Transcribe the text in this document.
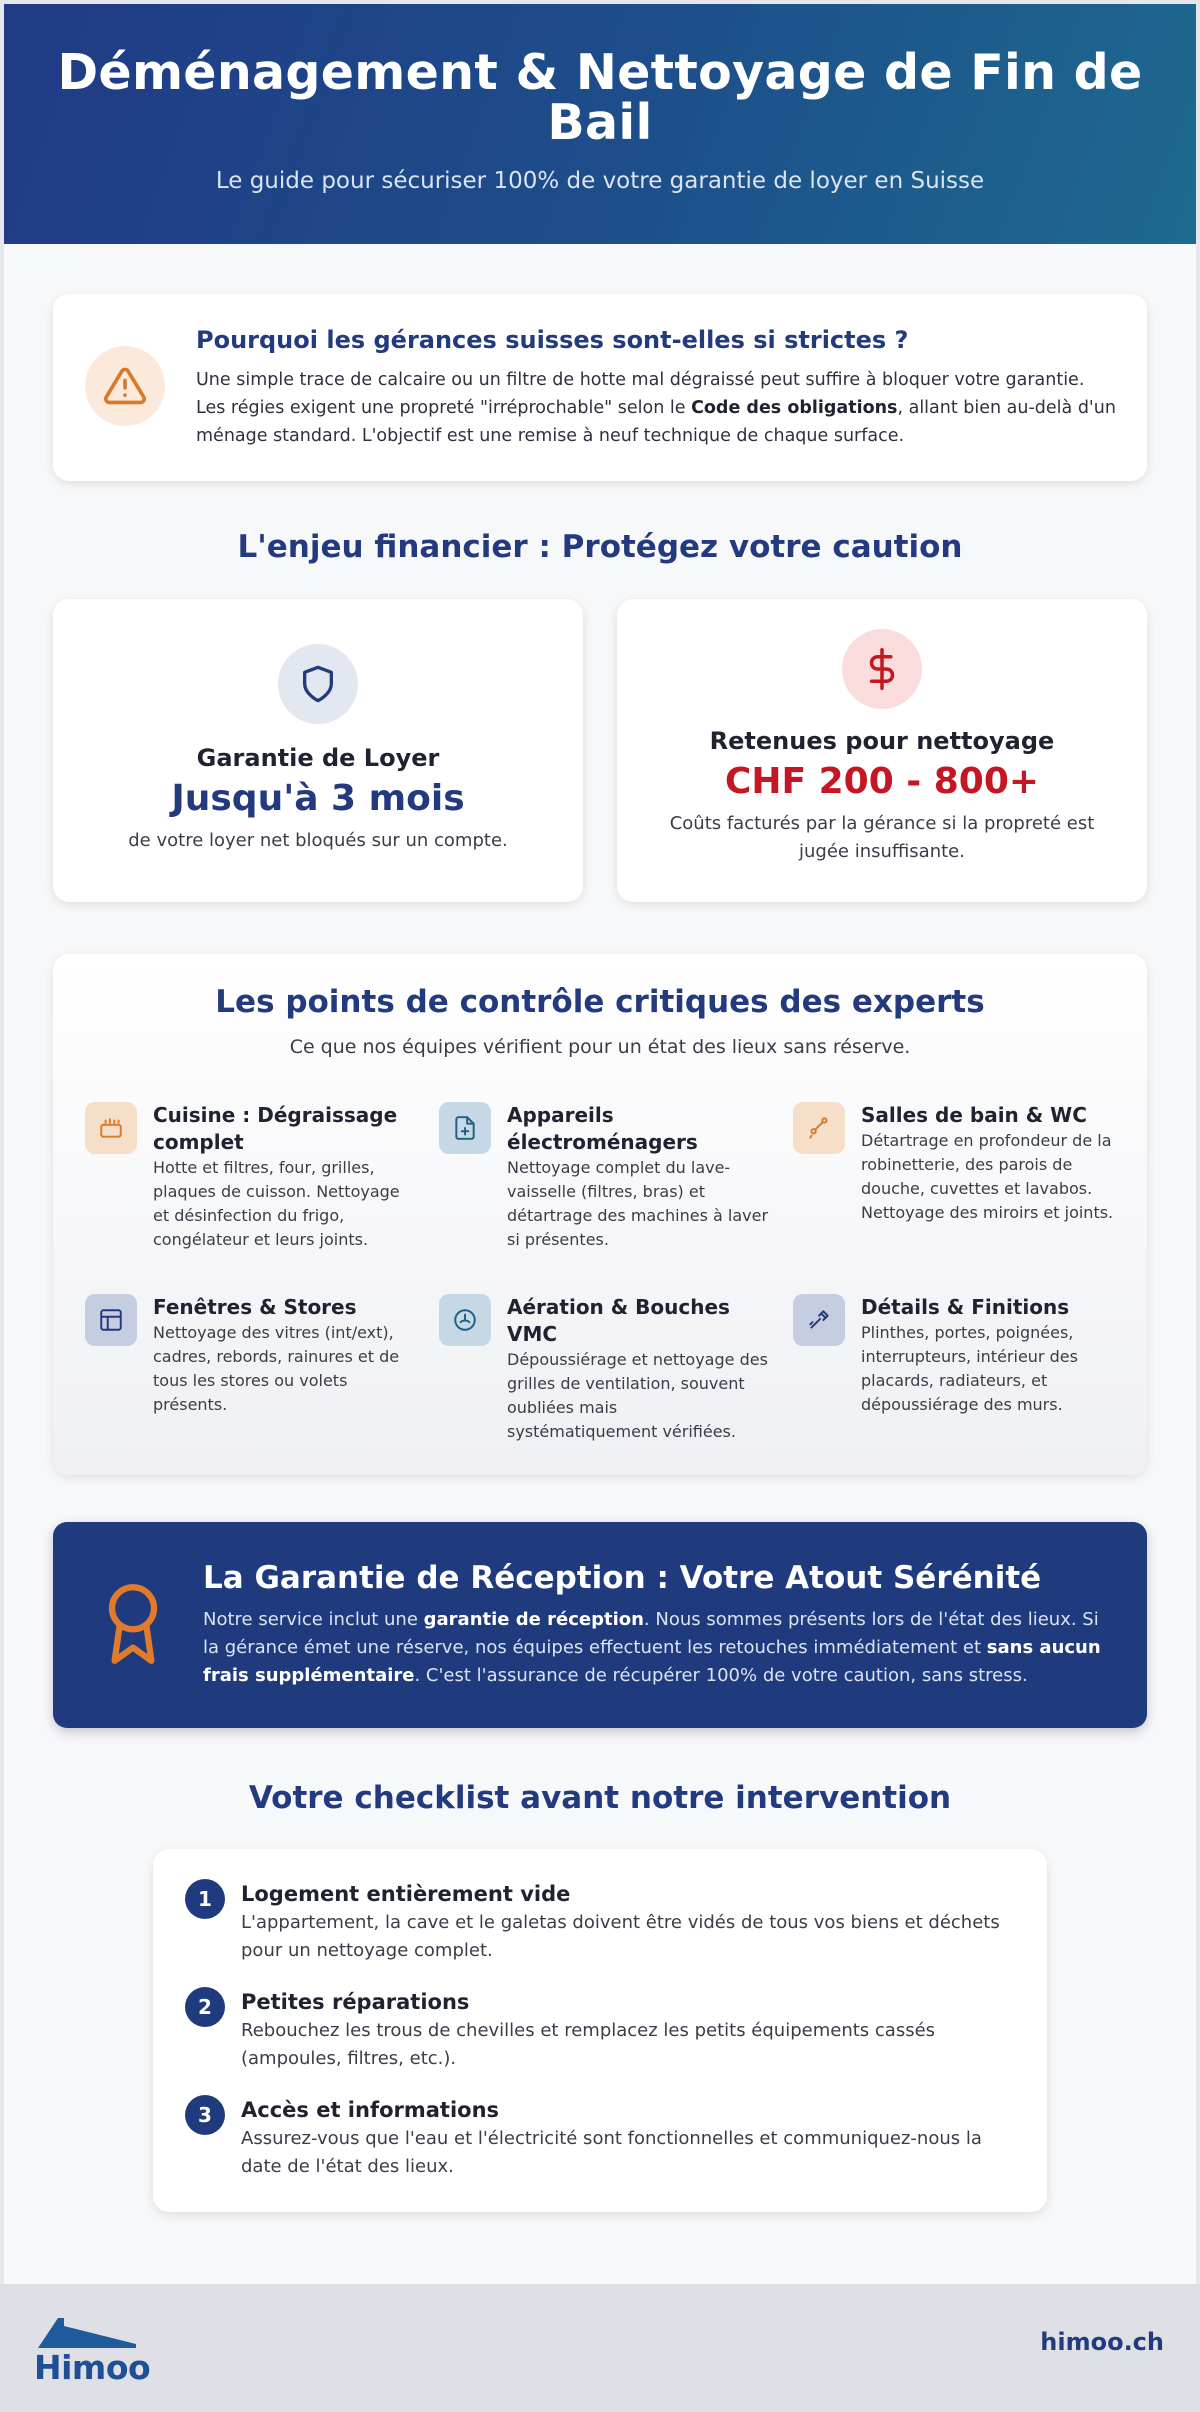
Déménagement & Nettoyage de Fin de Bail
Le guide pour sécuriser 100% de votre garantie de loyer en Suisse
Pourquoi les gérances suisses sont-elles si strictes ?

Une simple trace de calcaire ou un filtre de hotte mal dégraissé peut suffire à bloquer votre garantie. Les régies exigent une propreté "irréprochable" selon le Code des obligations, allant bien au-delà d'un ménage standard. L'objectif est une remise à neuf technique de chaque surface.

L'enjeu financier : Protégez votre caution
Garantie de Loyer
Jusqu'à 3 mois
de votre loyer net bloqués sur un compte.
Retenues pour nettoyage
CHF 200 - 800+
Coûts facturés par la gérance si la propreté est jugée insuffisante.
Les points de contrôle critiques des experts
Ce que nos équipes vérifient pour un état des lieux sans réserve.
Cuisine : Dégraissage complet
Hotte et filtres, four, grilles, plaques de cuisson. Nettoyage et désinfection du frigo, congélateur et leurs joints.
Appareils électroménagers
Nettoyage complet du lave-vaisselle (filtres, bras) et détartrage des machines à laver si présentes.
Salles de bain & WC
Détartrage en profondeur de la robinetterie, des parois de douche, cuvettes et lavabos. Nettoyage des miroirs et joints.
Fenêtres & Stores
Nettoyage des vitres (int/ext), cadres, rebords, rainures et de tous les stores ou volets présents.
Aération & Bouches VMC
Dépoussiérage et nettoyage des grilles de ventilation, souvent oubliées mais systématiquement vérifiées.
Détails & Finitions
Plinthes, portes, poignées, interrupteurs, intérieur des placards, radiateurs, et dépoussiérage des murs.
La Garantie de Réception : Votre Atout Sérénité

Notre service inclut une garantie de réception. Nous sommes présents lors de l'état des lieux. Si la gérance émet une réserve, nos équipes effectuent les retouches immédiatement et sans aucun frais supplémentaire. C'est l'assurance de récupérer 100% de votre caution, sans stress.

Votre checklist avant notre intervention
1	Logement entièrement vide
L'appartement, la cave et le galetas doivent être vidés de tous vos biens et déchets pour un nettoyage complet.
2	Petites réparations
Rebouchez les trous de chevilles et remplacez les petits équipements cassés (ampoules, filtres, etc.).
3	Accès et informations
Assurez-vous que l'eau et l'électricité sont fonctionnelles et communiquez-nous la date de l'état des lieux.
Himoo
himoo.ch
